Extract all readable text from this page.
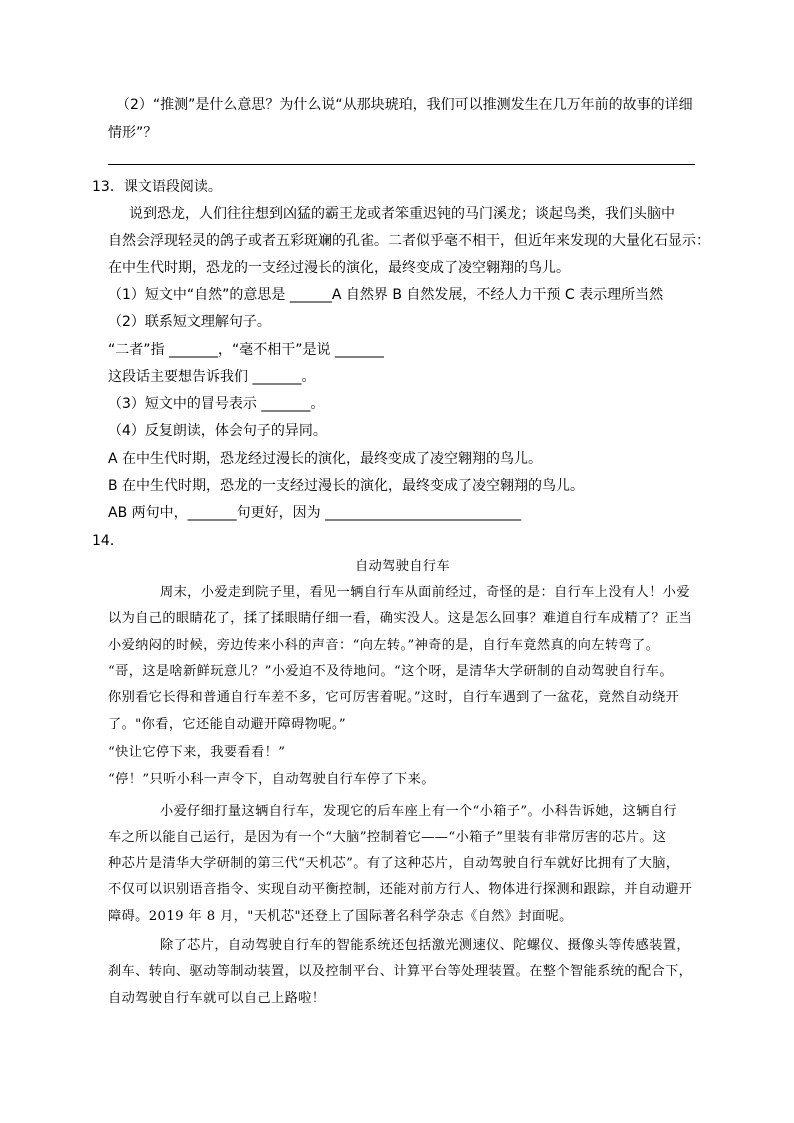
（2）“推测”是什么意思？为什么说“从那块琥珀，我们可以推测发生在几万年前的故事的详细

情形”？

13．课文语段阅读。

说到恐龙，人们往往想到凶猛的霸王龙或者笨重迟钝的马门溪龙；谈起鸟类，我们头脑中

自然会浮现轻灵的鸽子或者五彩斑斓的孔雀。二者似乎毫不相干，但近年来发现的大量化石显示：

在中生代时期，恐龙的一支经过漫长的演化，最终变成了凌空翱翔的鸟儿。

（1）短文中“自然”的意思是 ______A 自然界 B 自然发展，不经人力干预 C 表示理所当然

（2）联系短文理解句子。

“二者”指 _______，“毫不相干”是说 _______

这段话主要想告诉我们 _______。

（3）短文中的冒号表示 _______。

（4）反复朗读，体会句子的异同。

A 在中生代时期，恐龙经过漫长的演化，最终变成了凌空翱翔的鸟儿。

B 在中生代时期，恐龙的一支经过漫长的演化，最终变成了凌空翱翔的鸟儿。

AB 两句中，_______句更好，因为 ____________________________

14．

自动驾驶自行车

周末，小爱走到院子里，看见一辆自行车从面前经过，奇怪的是：自行车上没有人！小爱

以为自己的眼睛花了，揉了揉眼睛仔细一看，确实没人。这是怎么回事？难道自行车成精了？正当

小爱纳闷的时候，旁边传来小科的声音：“向左转。”神奇的是，自行车竟然真的向左转弯了。

“哥，这是啥新鲜玩意儿？”小爱迫不及待地问。“这个呀，是清华大学研制的自动驾驶自行车。

你别看它长得和普通自行车差不多，它可厉害着呢。”这时，自行车遇到了一盆花，竟然自动绕开

了。"你看，它还能自动避开障碍物呢。”

“快让它停下来，我要看看！”

“停！”只听小科一声令下，自动驾驶自行车停了下来。

小爱仔细打量这辆自行车，发现它的后车座上有一个“小箱子”。小科告诉她，这辆自行

车之所以能自己运行，是因为有一个“大脑”控制着它——“小箱子”里装有非常厉害的芯片。这

种芯片是清华大学研制的第三代“天机芯”。有了这种芯片，自动驾驶自行车就好比拥有了大脑，

不仅可以识别语音指令、实现自动平衡控制，还能对前方行人、物体进行探测和跟踪，并自动避开

障碍。2019 年 8 月，"天机芯"还登上了国际著名科学杂志《自然》封面呢。

除了芯片，自动驾驶自行车的智能系统还包括激光测速仪、陀螺仪、摄像头等传感装置，

刹车、转向、驱动等制动装置，以及控制平台、计算平台等处理装置。在整个智能系统的配合下，

自动驾驶自行车就可以自己上路啦！
